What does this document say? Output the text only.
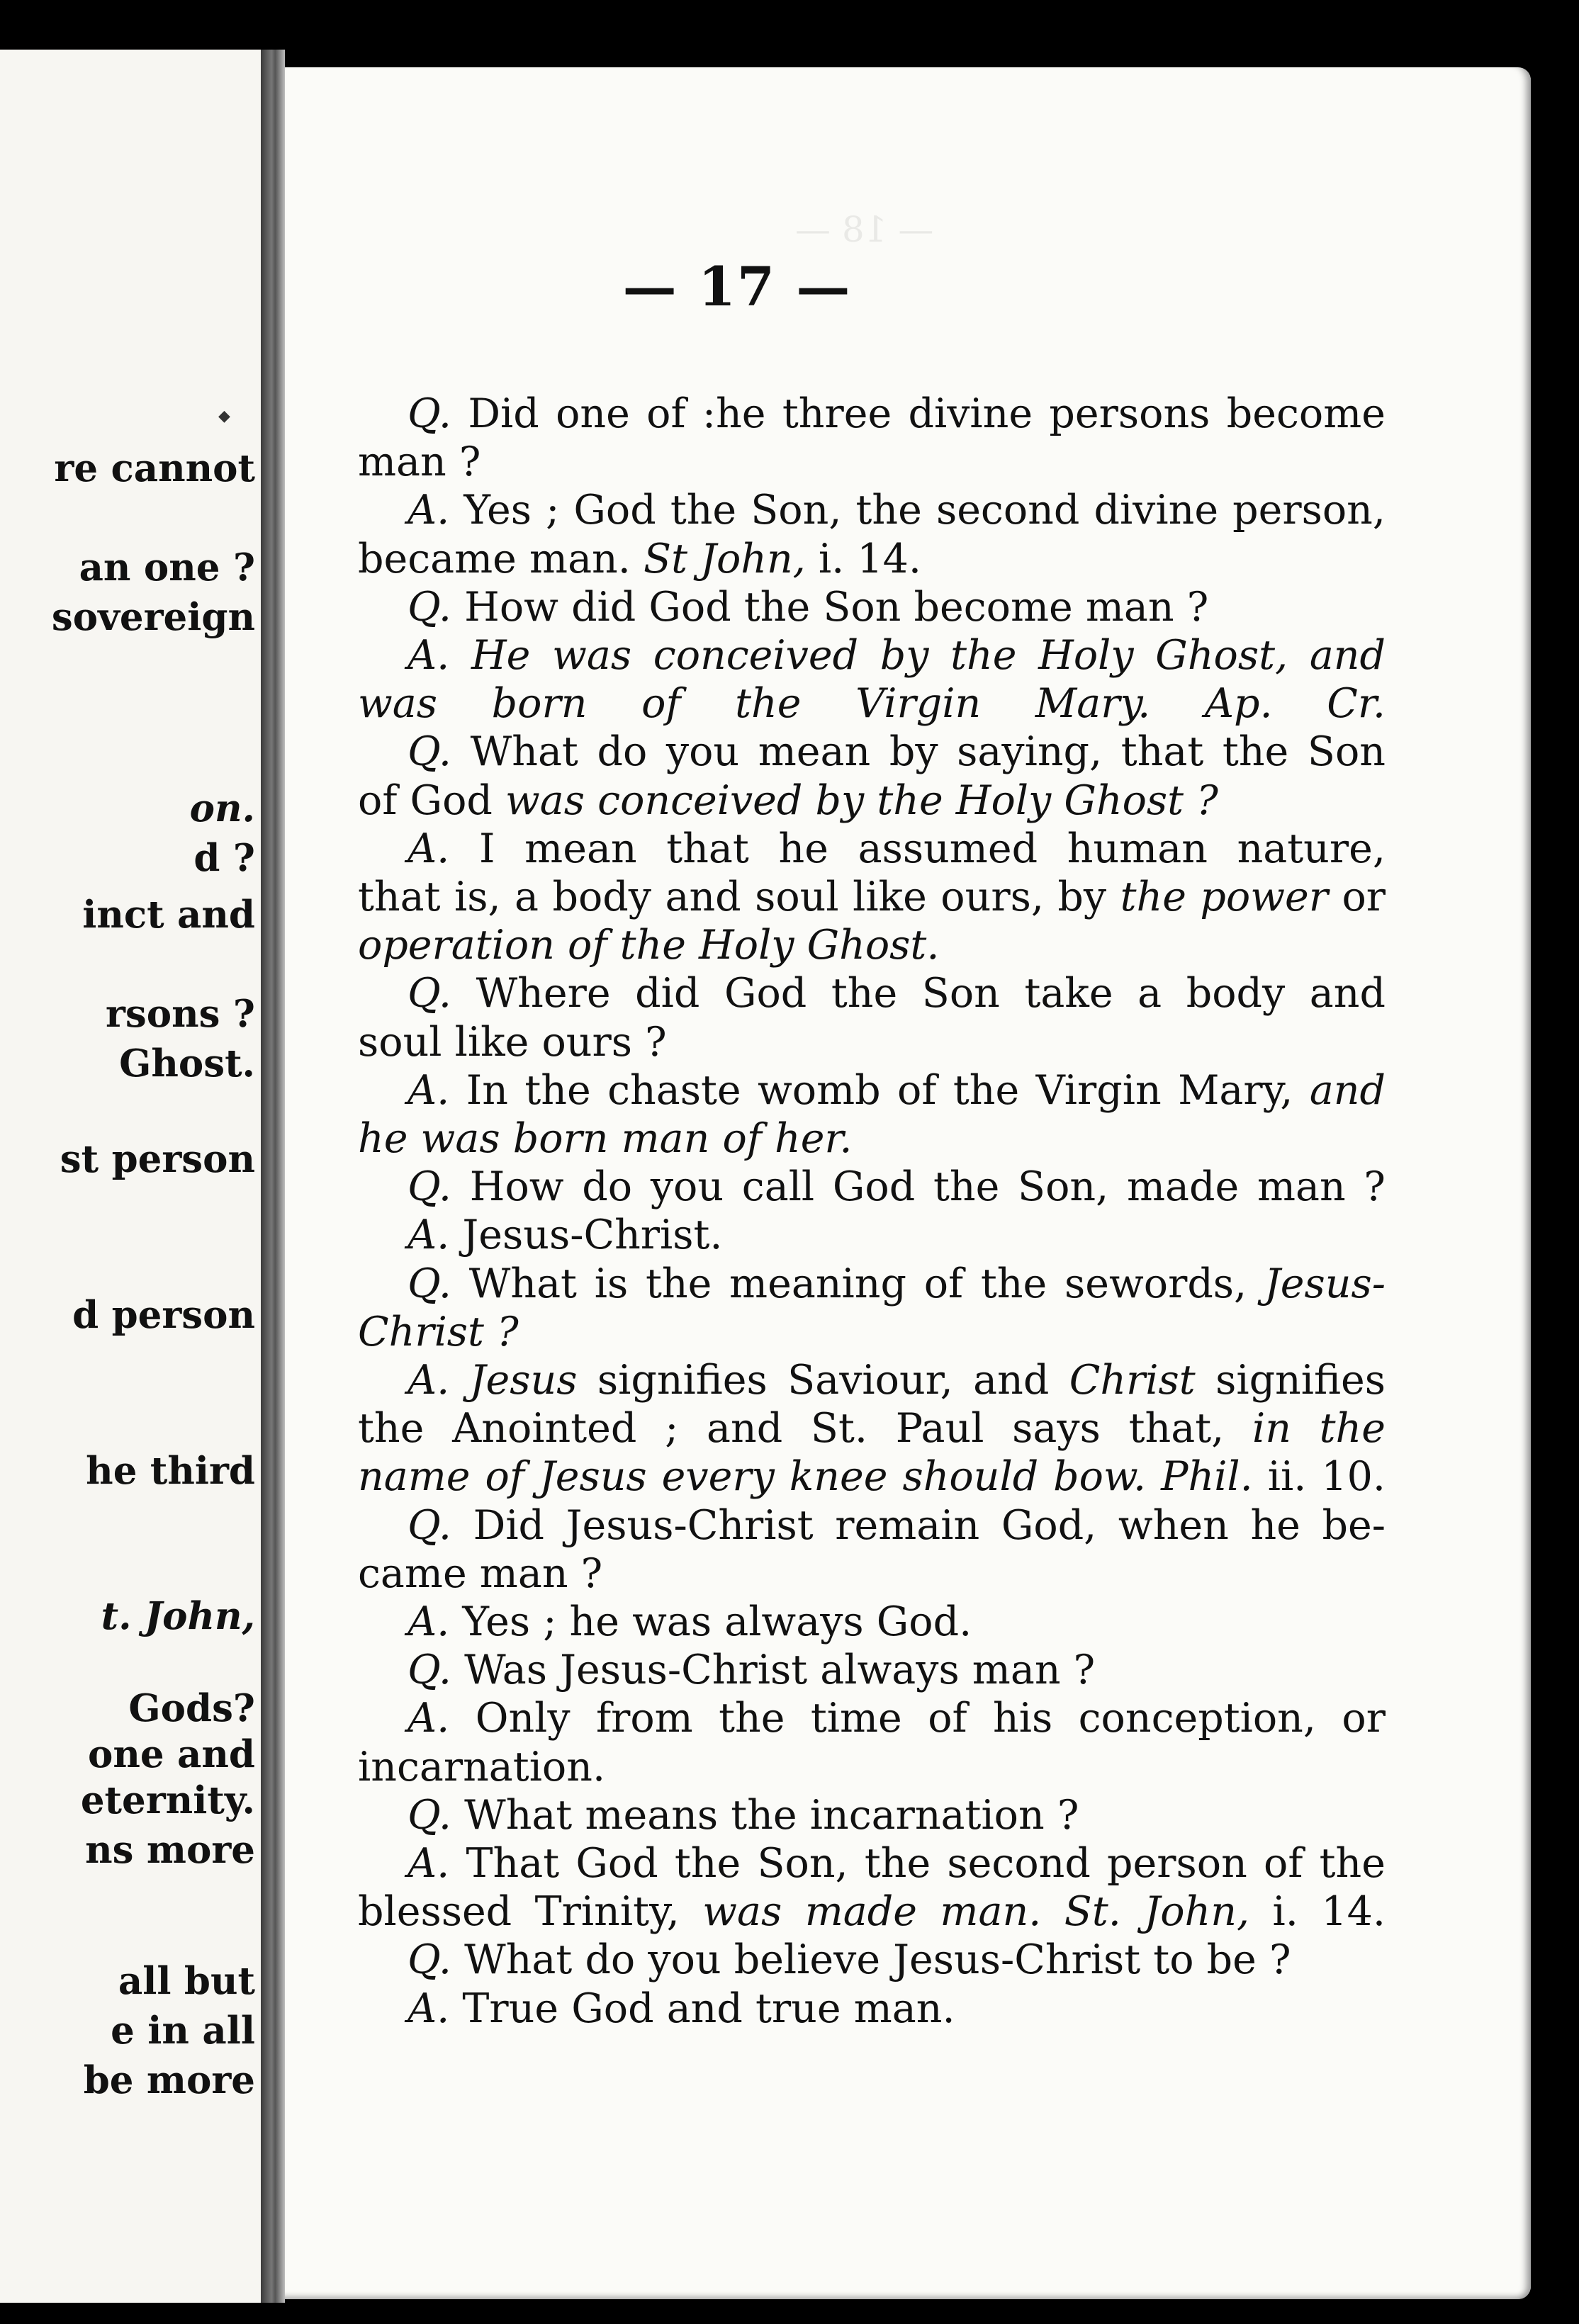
re cannot
an one ?
sovereign
on.
d ?
inct and
rsons ?
Ghost.
st person
d person
he third
t. John,
Gods?
one and
eternity.
ns more
all but
e in all
be more
◆
— 18 —
— 17 —
Q. Did one of :he three divine persons become
man ?
A. Yes ; God the Son, the second divine person,
became man. St John, i. 14.
Q. How did God the Son become man ?
A. He was conceived by the Holy Ghost, and
was born of the Virgin Mary. Ap. Cr.
Q. What do you mean by saying, that the Son
of God was conceived by the Holy Ghost ?
A. I mean that he assumed human nature,
that is, a body and soul like ours, by the power or
operation of the Holy Ghost.
Q. Where did God the Son take a body and
soul like ours ?
A. In the chaste womb of the Virgin Mary, and
he was born man of her.
Q. How do you call God the Son, made man ?
A. Jesus-Christ.
Q. What is the meaning of the sewords, Jesus-
Christ ?
A. Jesus signifies Saviour, and Christ signifies
the Anointed ; and St. Paul says that, in the
name of Jesus every knee should bow. Phil. ii. 10.
Q. Did Jesus-Christ remain God, when he be-
came man ?
A. Yes ; he was always God.
Q. Was Jesus-Christ always man ?
A. Only from the time of his conception, or
incarnation.
Q. What means the incarnation ?
A. That God the Son, the second person of the
blessed Trinity, was made man. St. John, i. 14.
Q. What do you believe Jesus-Christ to be ?
A. True God and true man.
